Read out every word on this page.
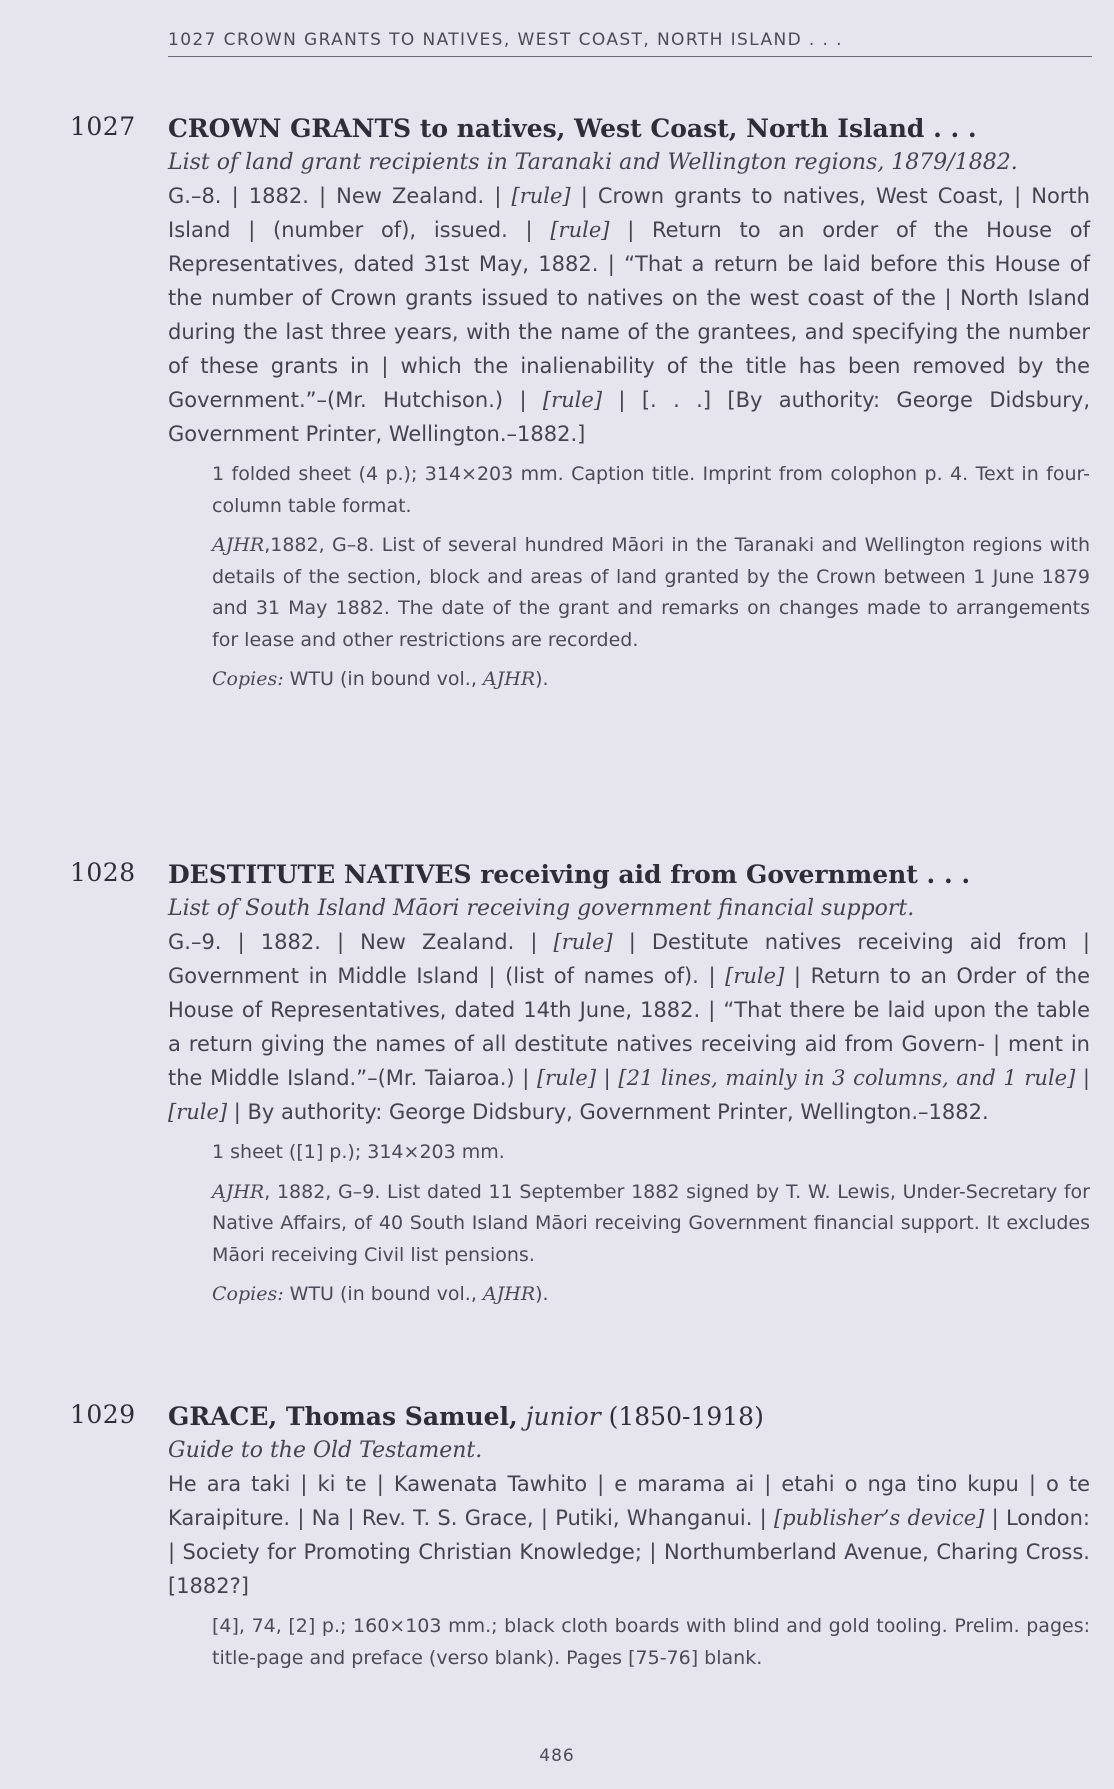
1027 CROWN GRANTS TO NATIVES, WEST COAST, NORTH ISLAND . . .
1027 CROWN GRANTS to natives, West Coast, North Island . . .
List of land grant recipients in Taranaki and Wellington regions, 1879/1882.
G.–8. | 1882. | New Zealand. | [rule] | Crown grants to natives, West Coast, | North Island | (number of), issued. | [rule] | Return to an order of the House of Representatives, dated 31st May, 1882. | “That a return be laid before this House of the number of Crown grants issued to natives on the west coast of the | North Island during the last three years, with the name of the grantees, and specifying the number of these grants in | which the inalienability of the title has been removed by the Government.”–(Mr. Hutchison.) | [rule] | [. . .] [By authority: George Didsbury, Government Printer, Wellington.–1882.]
1 folded sheet (4 p.); 314×203 mm. Caption title. Imprint from colophon p. 4. Text in four-column table format.
AJHR,1882, G–8. List of several hundred Māori in the Taranaki and Wellington regions with details of the section, block and areas of land granted by the Crown between 1 June 1879 and 31 May 1882. The date of the grant and remarks on changes made to arrangements for lease and other restrictions are recorded.
Copies: WTU (in bound vol., AJHR).
1028 DESTITUTE NATIVES receiving aid from Government . . .
List of South Island Māori receiving government financial support.
G.–9. | 1882. | New Zealand. | [rule] | Destitute natives receiving aid from | Government in Middle Island | (list of names of). | [rule] | Return to an Order of the House of Representatives, dated 14th June, 1882. | “That there be laid upon the table a return giving the names of all destitute natives receiving aid from Govern- | ment in the Middle Island.”–(Mr. Taiaroa.) | [rule] | [21 lines, mainly in 3 columns, and 1 rule] | [rule] | By authority: George Didsbury, Government Printer, Wellington.–1882.
1 sheet ([1] p.); 314×203 mm.
AJHR, 1882, G–9. List dated 11 September 1882 signed by T. W. Lewis, Under-Secretary for Native Affairs, of 40 South Island Māori receiving Government financial support. It excludes Māori receiving Civil list pensions.
Copies: WTU (in bound vol., AJHR).
1029 GRACE, Thomas Samuel, junior (1850-1918)
Guide to the Old Testament.
He ara taki | ki te | Kawenata Tawhito | e marama ai | etahi o nga tino kupu | o te Karaipiture. | Na | Rev. T. S. Grace, | Putiki, Whanganui. | [publisher’s device] | London: | Society for Promoting Christian Knowledge; | Northumberland Avenue, Charing Cross. [1882?]
[4], 74, [2] p.; 160×103 mm.; black cloth boards with blind and gold tooling. Prelim. pages: title-page and preface (verso blank). Pages [75-76] blank.
486
